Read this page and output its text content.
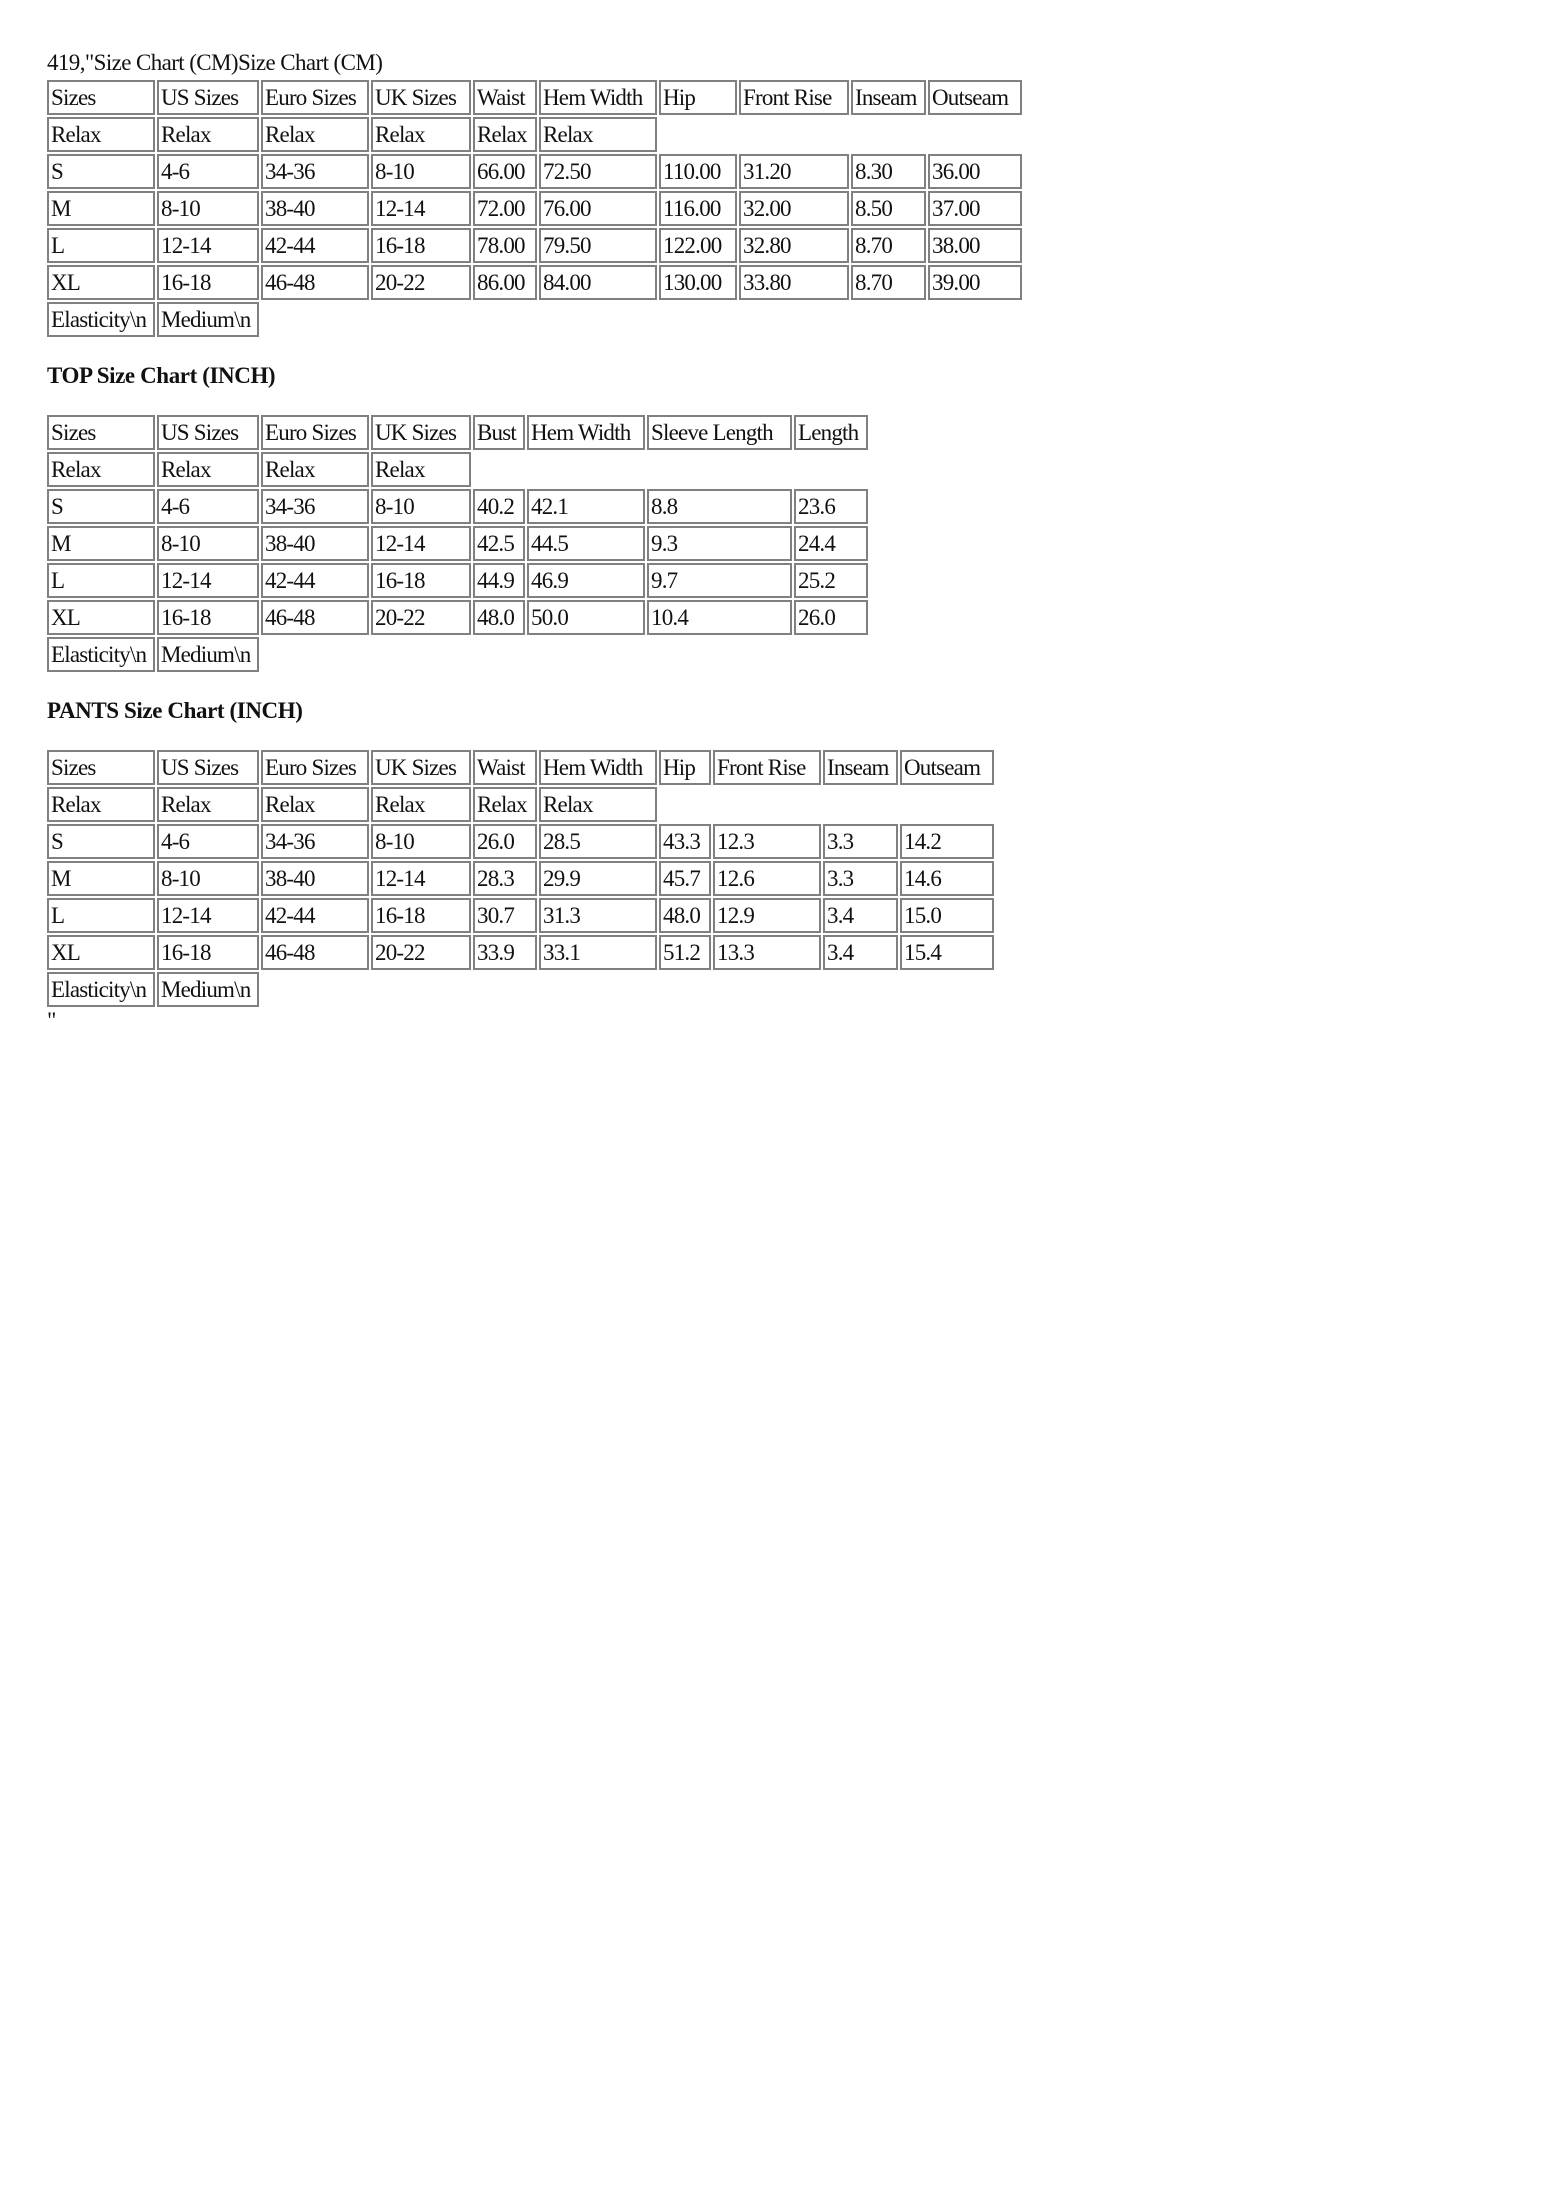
419,"Size Chart (CM)Size Chart (CM)
Sizes	US Sizes	Euro Sizes	UK Sizes	Waist	Hem Width	Hip	Front Rise	Inseam	Outseam
Relax	Relax	Relax	Relax	Relax	Relax				
S	4-6	34-36	8-10	66.00	72.50	110.00	31.20	8.30	36.00
M	8-10	38-40	12-14	72.00	76.00	116.00	32.00	8.50	37.00
L	12-14	42-44	16-18	78.00	79.50	122.00	32.80	8.70	38.00
XL	16-18	46-48	20-22	86.00	84.00	130.00	33.80	8.70	39.00
Elasticity\n	Medium\n								
TOP Size Chart (INCH)
Sizes	US Sizes	Euro Sizes	UK Sizes	Bust	Hem Width	Sleeve Length	Length
Relax	Relax	Relax	Relax				
S	4-6	34-36	8-10	40.2	42.1	8.8	23.6
M	8-10	38-40	12-14	42.5	44.5	9.3	24.4
L	12-14	42-44	16-18	44.9	46.9	9.7	25.2
XL	16-18	46-48	20-22	48.0	50.0	10.4	26.0
Elasticity\n	Medium\n						
PANTS Size Chart (INCH)
Sizes	US Sizes	Euro Sizes	UK Sizes	Waist	Hem Width	Hip	Front Rise	Inseam	Outseam
Relax	Relax	Relax	Relax	Relax	Relax				
S	4-6	34-36	8-10	26.0	28.5	43.3	12.3	3.3	14.2
M	8-10	38-40	12-14	28.3	29.9	45.7	12.6	3.3	14.6
L	12-14	42-44	16-18	30.7	31.3	48.0	12.9	3.4	15.0
XL	16-18	46-48	20-22	33.9	33.1	51.2	13.3	3.4	15.4
Elasticity\n	Medium\n								
"
